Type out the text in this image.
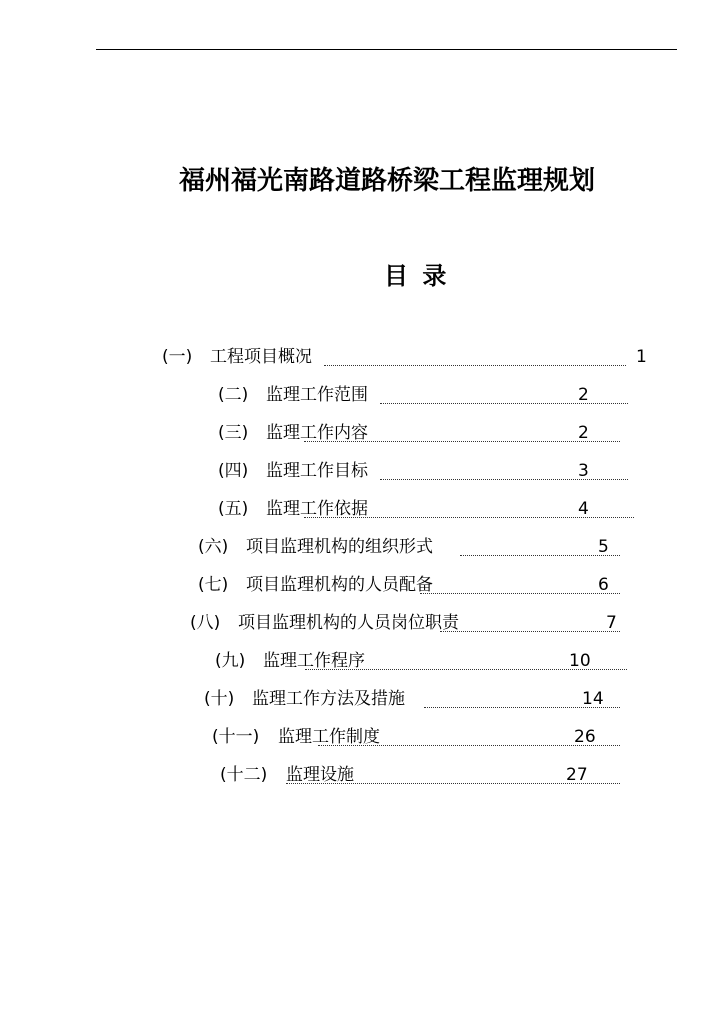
福州福光南路道路桥梁工程监理规划
目 录
(一) 工程项目概况	1
(二) 监理工作范围	2
(三) 监理工作内容	2
(四) 监理工作目标	3
(五) 监理工作依据	4
(六) 项目监理机构的组织形式	5
(七) 项目监理机构的人员配备	6
(八) 项目监理机构的人员岗位职责	7
(九) 监理工作程序	10
(十) 监理工作方法及措施	14
(十一) 监理工作制度	26
(十二) 监理设施	27
